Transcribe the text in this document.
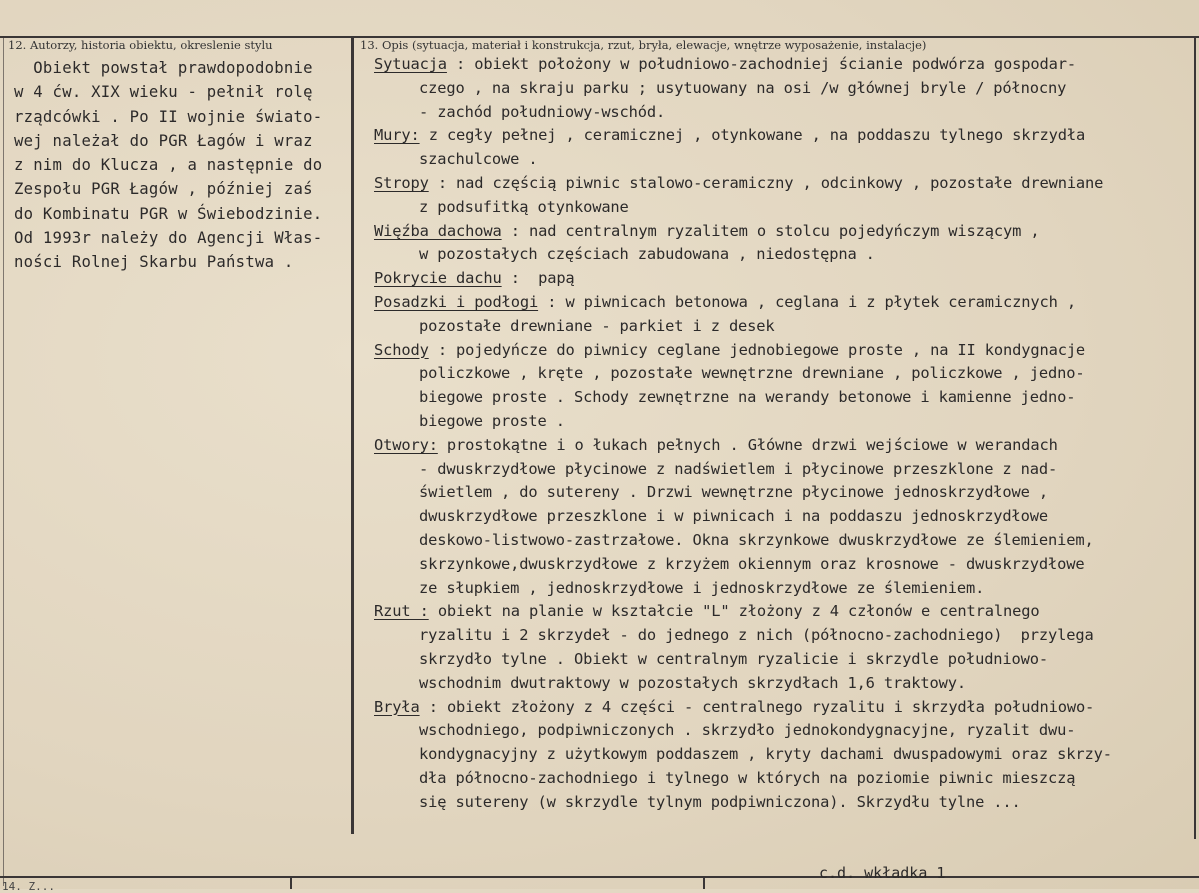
12. Autorzy, historia obiektu, okreslenie stylu
Obiekt powstał prawdopodobnie
w 4 ćw. XIX wieku - pełnił rolę
rządcówki . Po II wojnie świato-
wej należał do PGR Łagów i wraz
z nim do Klucza , a następnie do
Zespołu PGR Łagów , później zaś
do Kombinatu PGR w Świebodzinie.
Od 1993r należy do Agencji Włas-
ności Rolnej Skarbu Państwa .
13. Opis (sytuacja, materiał i konstrukcja, rzut, bryła, elewacje, wnętrze wyposażenie, instalacje)
Sytuacja : obiekt położony w południowo-zachodniej ścianie podwórza gospodar-
czego , na skraju parku ; usytuowany na osi /w głównej bryle / północny
- zachód południowy-wschód.
Mury: z cegły pełnej , ceramicznej , otynkowane , na poddaszu tylnego skrzydła
szachulcowe .
Stropy : nad częścią piwnic stalowo-ceramiczny , odcinkowy , pozostałe drewniane
z podsufitką otynkowane
Więźba dachowa : nad centralnym ryzalitem o stolcu pojedyńczym wiszącym ,
w pozostałych częściach zabudowana , niedostępna .
Pokrycie dachu :  papą
Posadzki i podłogi : w piwnicach betonowa , ceglana i z płytek ceramicznych ,
pozostałe drewniane - parkiet i z desek
Schody : pojedyńcze do piwnicy ceglane jednobiegowe proste , na II kondygnacje
policzkowe , kręte , pozostałe wewnętrzne drewniane , policzkowe , jedno-
biegowe proste . Schody zewnętrzne na werandy betonowe i kamienne jedno-
biegowe proste .
Otwory: prostokątne i o łukach pełnych . Główne drzwi wejściowe w werandach
- dwuskrzydłowe płycinowe z nadświetlem i płycinowe przeszklone z nad-
świetlem , do sutereny . Drzwi wewnętrzne płycinowe jednoskrzydłowe ,
dwuskrzydłowe przeszklone i w piwnicach i na poddaszu jednoskrzydłowe
deskowo-listwowo-zastrzałowe. Okna skrzynkowe dwuskrzydłowe ze ślemieniem,
skrzynkowe,dwuskrzydłowe z krzyżem okiennym oraz krosnowe - dwuskrzydłowe
ze słupkiem , jednoskrzydłowe i jednoskrzydłowe ze ślemieniem.
Rzut : obiekt na planie w kształcie "L" złożony z 4 członów e centralnego
ryzalitu i 2 skrzydeł - do jednego z nich (północno-zachodniego)  przylega
skrzydło tylne . Obiekt w centralnym ryzalicie i skrzydle południowo-
wschodnim dwutraktowy w pozostałych skrzydłach 1,6 traktowy.
Bryła : obiekt złożony z 4 części - centralnego ryzalitu i skrzydła południowo-
wschodniego, podpiwniczonych . skrzydło jednokondygnacyjne, ryzalit dwu-
kondygnacyjny z użytkowym poddaszem , kryty dachami dwuspadowymi oraz skrzy-
dła północno-zachodniego i tylnego w których na poziomie piwnic mieszczą
się sutereny (w skrzydle tylnym podpiwniczona). Skrzydłu tylne ...
c.d. wkładka 1
14. Z...
